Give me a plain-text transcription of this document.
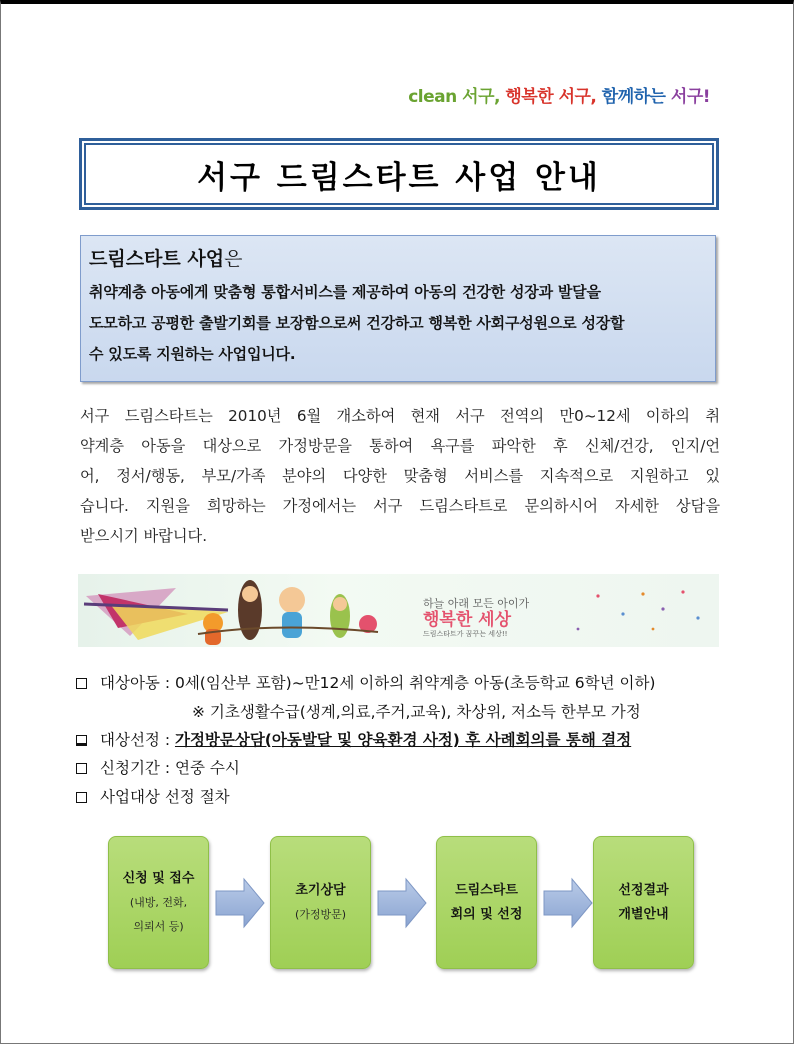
clean 서구, 행복한 서구, 함께하는 서구!
서구 드림스타트 사업 안내
드림스타트 사업은
취약계층 아동에게 맞춤형 통합서비스를 제공하여 아동의 건강한 성장과 발달을
도모하고 공평한 출발기회를 보장함으로써 건강하고 행복한 사회구성원으로 성장할
수 있도록 지원하는 사업입니다.
서구 드림스타트는 2010년 6월 개소하여 현재 서구 전역의 만0~12세 이하의 취
약계층 아동을 대상으로 가정방문을 통하여 욕구를 파악한 후 신체/건강, 인지/언
어, 정서/행동, 부모/가족 분야의 다양한 맞춤형 서비스를 지속적으로 지원하고 있
습니다. 지원을 희망하는 가정에서는 서구 드림스타트로 문의하시어 자세한 상담을
받으시기 바랍니다.
하늘 아래 모든 아이가
행복한 세상
드림스타트가 꿈꾸는 세상!!
대상아동 : 0세(임산부 포함)~만12세 이하의 취약계층 아동(초등학교 6학년 이하)
※ 기초생활수급(생계,의료,주거,교육), 차상위, 저소득 한부모 가정
대상선정 : 가정방문상담(아동발달 및 양육환경 사정) 후 사례회의를 통해 결정
신청기간 : 연중 수시
사업대상 선정 절차
신청 및 접수
(내방, 전화,
의뢰서 등)
초기상담
(가정방문)
드림스타트
회의 및 선정
선정결과
개별안내
